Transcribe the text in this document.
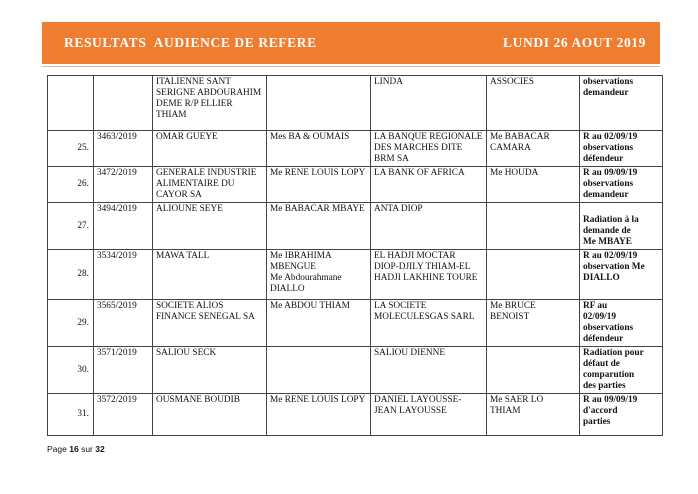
RESULTATS  AUDIENCE DE REFERE	LUNDI 26 AOUT 2019

		ITALIENNE SANT
SERIGNE ABDOURAHIM
DEME R/P ELLIER
THIAM		LINDA	ASSOCIES	observations
demandeur

25.	3463/2019	OMAR GUEYE	Mes BA & OUMAIS	LA BANQUE REGIONALE
DES MARCHES DITE
BRM SA	Me BABACAR
CAMARA	R au 02/09/19
observations
défendeur

26.	3472/2019	GENERALE INDUSTRIE
ALIMENTAIRE DU
CAYOR SA	Me RENE LOUIS LOPY	LA BANK OF AFRICA	Me HOUDA	R au 09/09/19
observations
demandeur

27.	3494/2019	ALIOUNE SEYE	Me BABACAR MBAYE	ANTA DIOP		Radiation à la
demande de
Me MBAYE

28.	3534/2019	MAWA TALL	Me IBRAHIMA
MBENGUE
Me Abdourahmane
DIALLO	EL HADJI MOCTAR
DIOP-DJILY THIAM-EL
HADJI LAKHINE TOURE		R au 02/09/19
observation Me
DIALLO

29.	3565/2019	SOCIETE ALIOS
FINANCE SENEGAL SA	Me ABDOU THIAM	LA SOCIETE
MOLECULESGAS SARL	Me BRUCE
BENOIST	RF au
02/09/19
observations
défendeur

30.	3571/2019	SALIOU SECK		SALIOU DIENNE		Radiation pour
défaut de
comparution
des parties

31.	3572/2019	OUSMANE BOUDIB	Me RENE LOUIS LOPY	DANIEL LAYOUSSE-
JEAN LAYOUSSE	Me SAER LO
THIAM	R au 09/09/19
d'accord
parties
Page 16 sur 32
